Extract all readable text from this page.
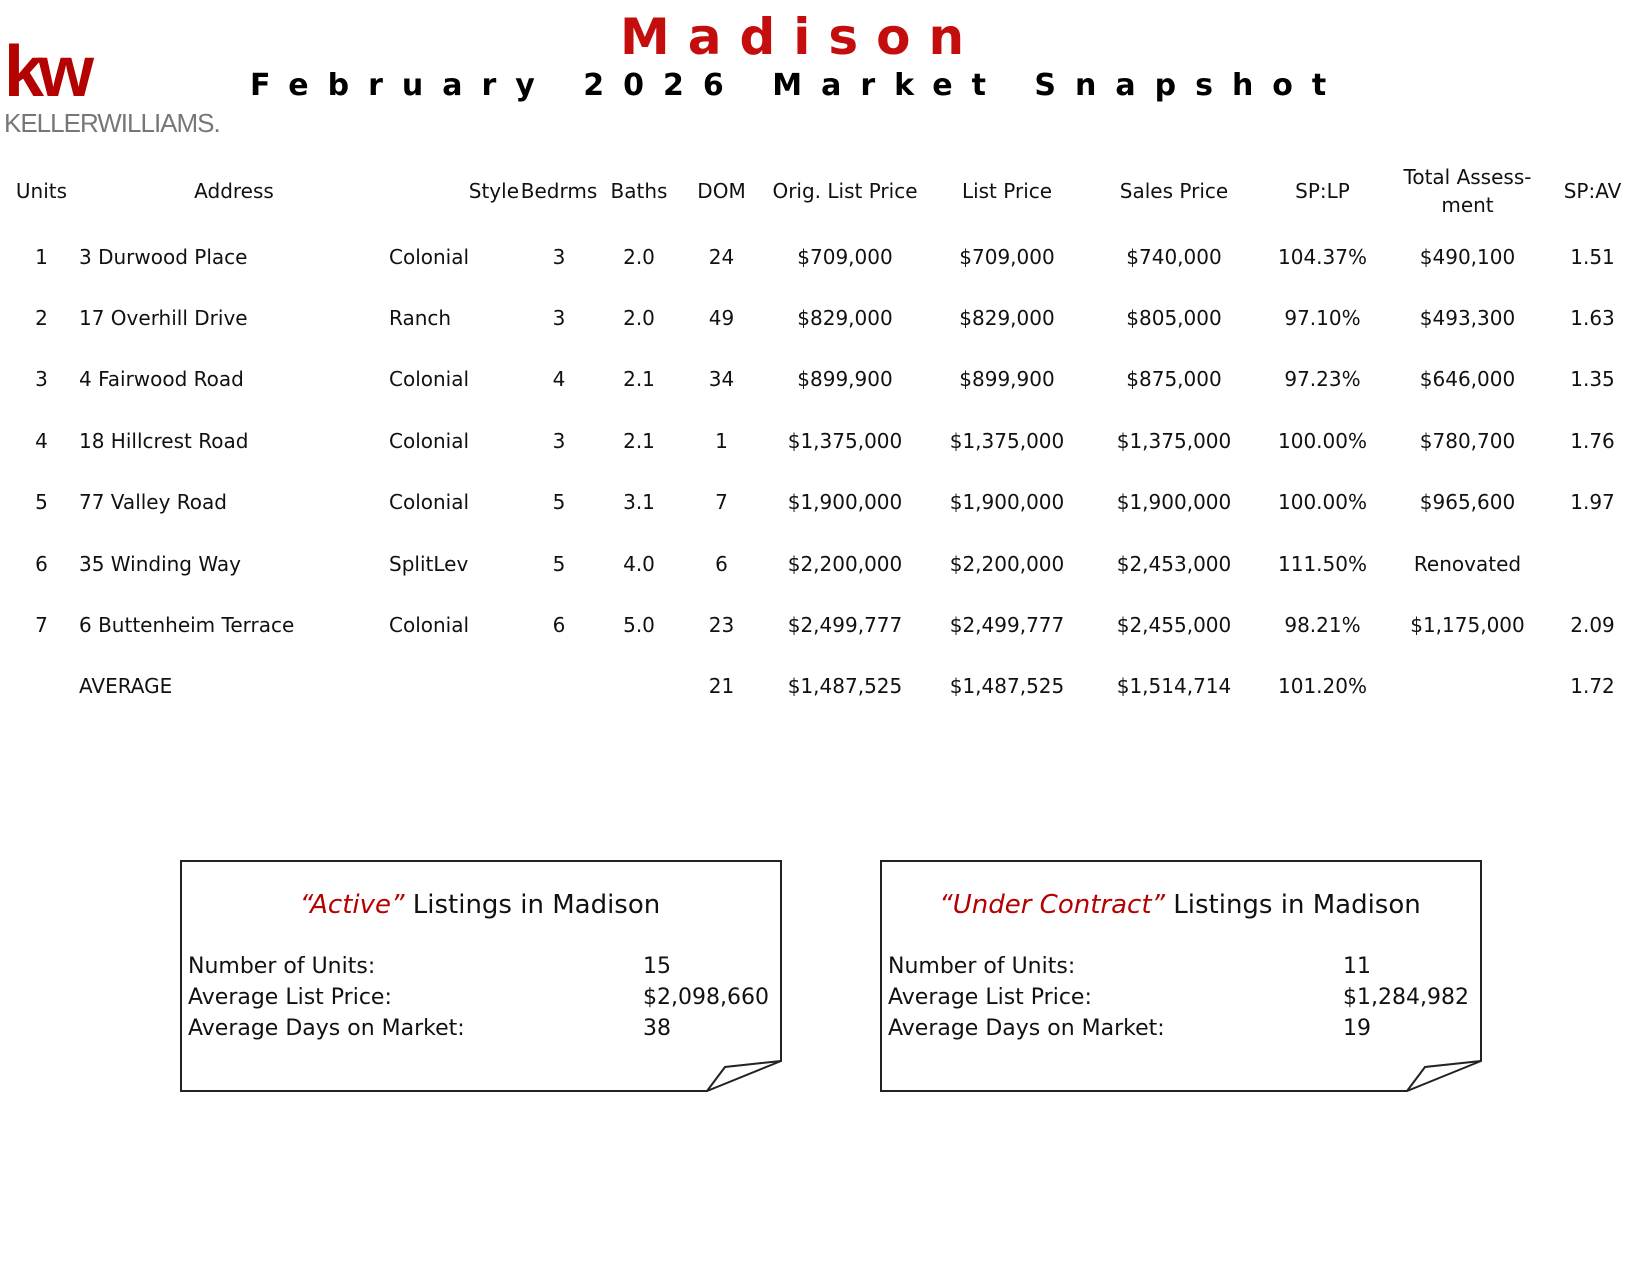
kw
KELLERWILLIAMS.
Madison
February 2026 Market Snapshot
Units	Address	Style	Bedrms	Baths	DOM	Orig. List Price	List Price	Sales Price	SP:LP	Total Assess-
ment	SP:AV
1	3 Durwood Place	Colonial	3	2.0	24	$709,000	$709,000	$740,000	104.37%	$490,100	1.51
2	17 Overhill Drive	Ranch	3	2.0	49	$829,000	$829,000	$805,000	97.10%	$493,300	1.63
3	4 Fairwood Road	Colonial	4	2.1	34	$899,900	$899,900	$875,000	97.23%	$646,000	1.35
4	18 Hillcrest Road	Colonial	3	2.1	1	$1,375,000	$1,375,000	$1,375,000	100.00%	$780,700	1.76
5	77 Valley Road	Colonial	5	3.1	7	$1,900,000	$1,900,000	$1,900,000	100.00%	$965,600	1.97
6	35 Winding Way	SplitLev	5	4.0	6	$2,200,000	$2,200,000	$2,453,000	111.50%	Renovated	
7	6 Buttenheim Terrace	Colonial	6	5.0	23	$2,499,777	$2,499,777	$2,455,000	98.21%	$1,175,000	2.09
	AVERAGE				21	$1,487,525	$1,487,525	$1,514,714	101.20%		1.72
“Active” Listings in Madison
Number of Units:	15
Average List Price:	$2,098,660
Average Days on Market:	38
“Under Contract” Listings in Madison
Number of Units:	11
Average List Price:	$1,284,982
Average Days on Market:	19
